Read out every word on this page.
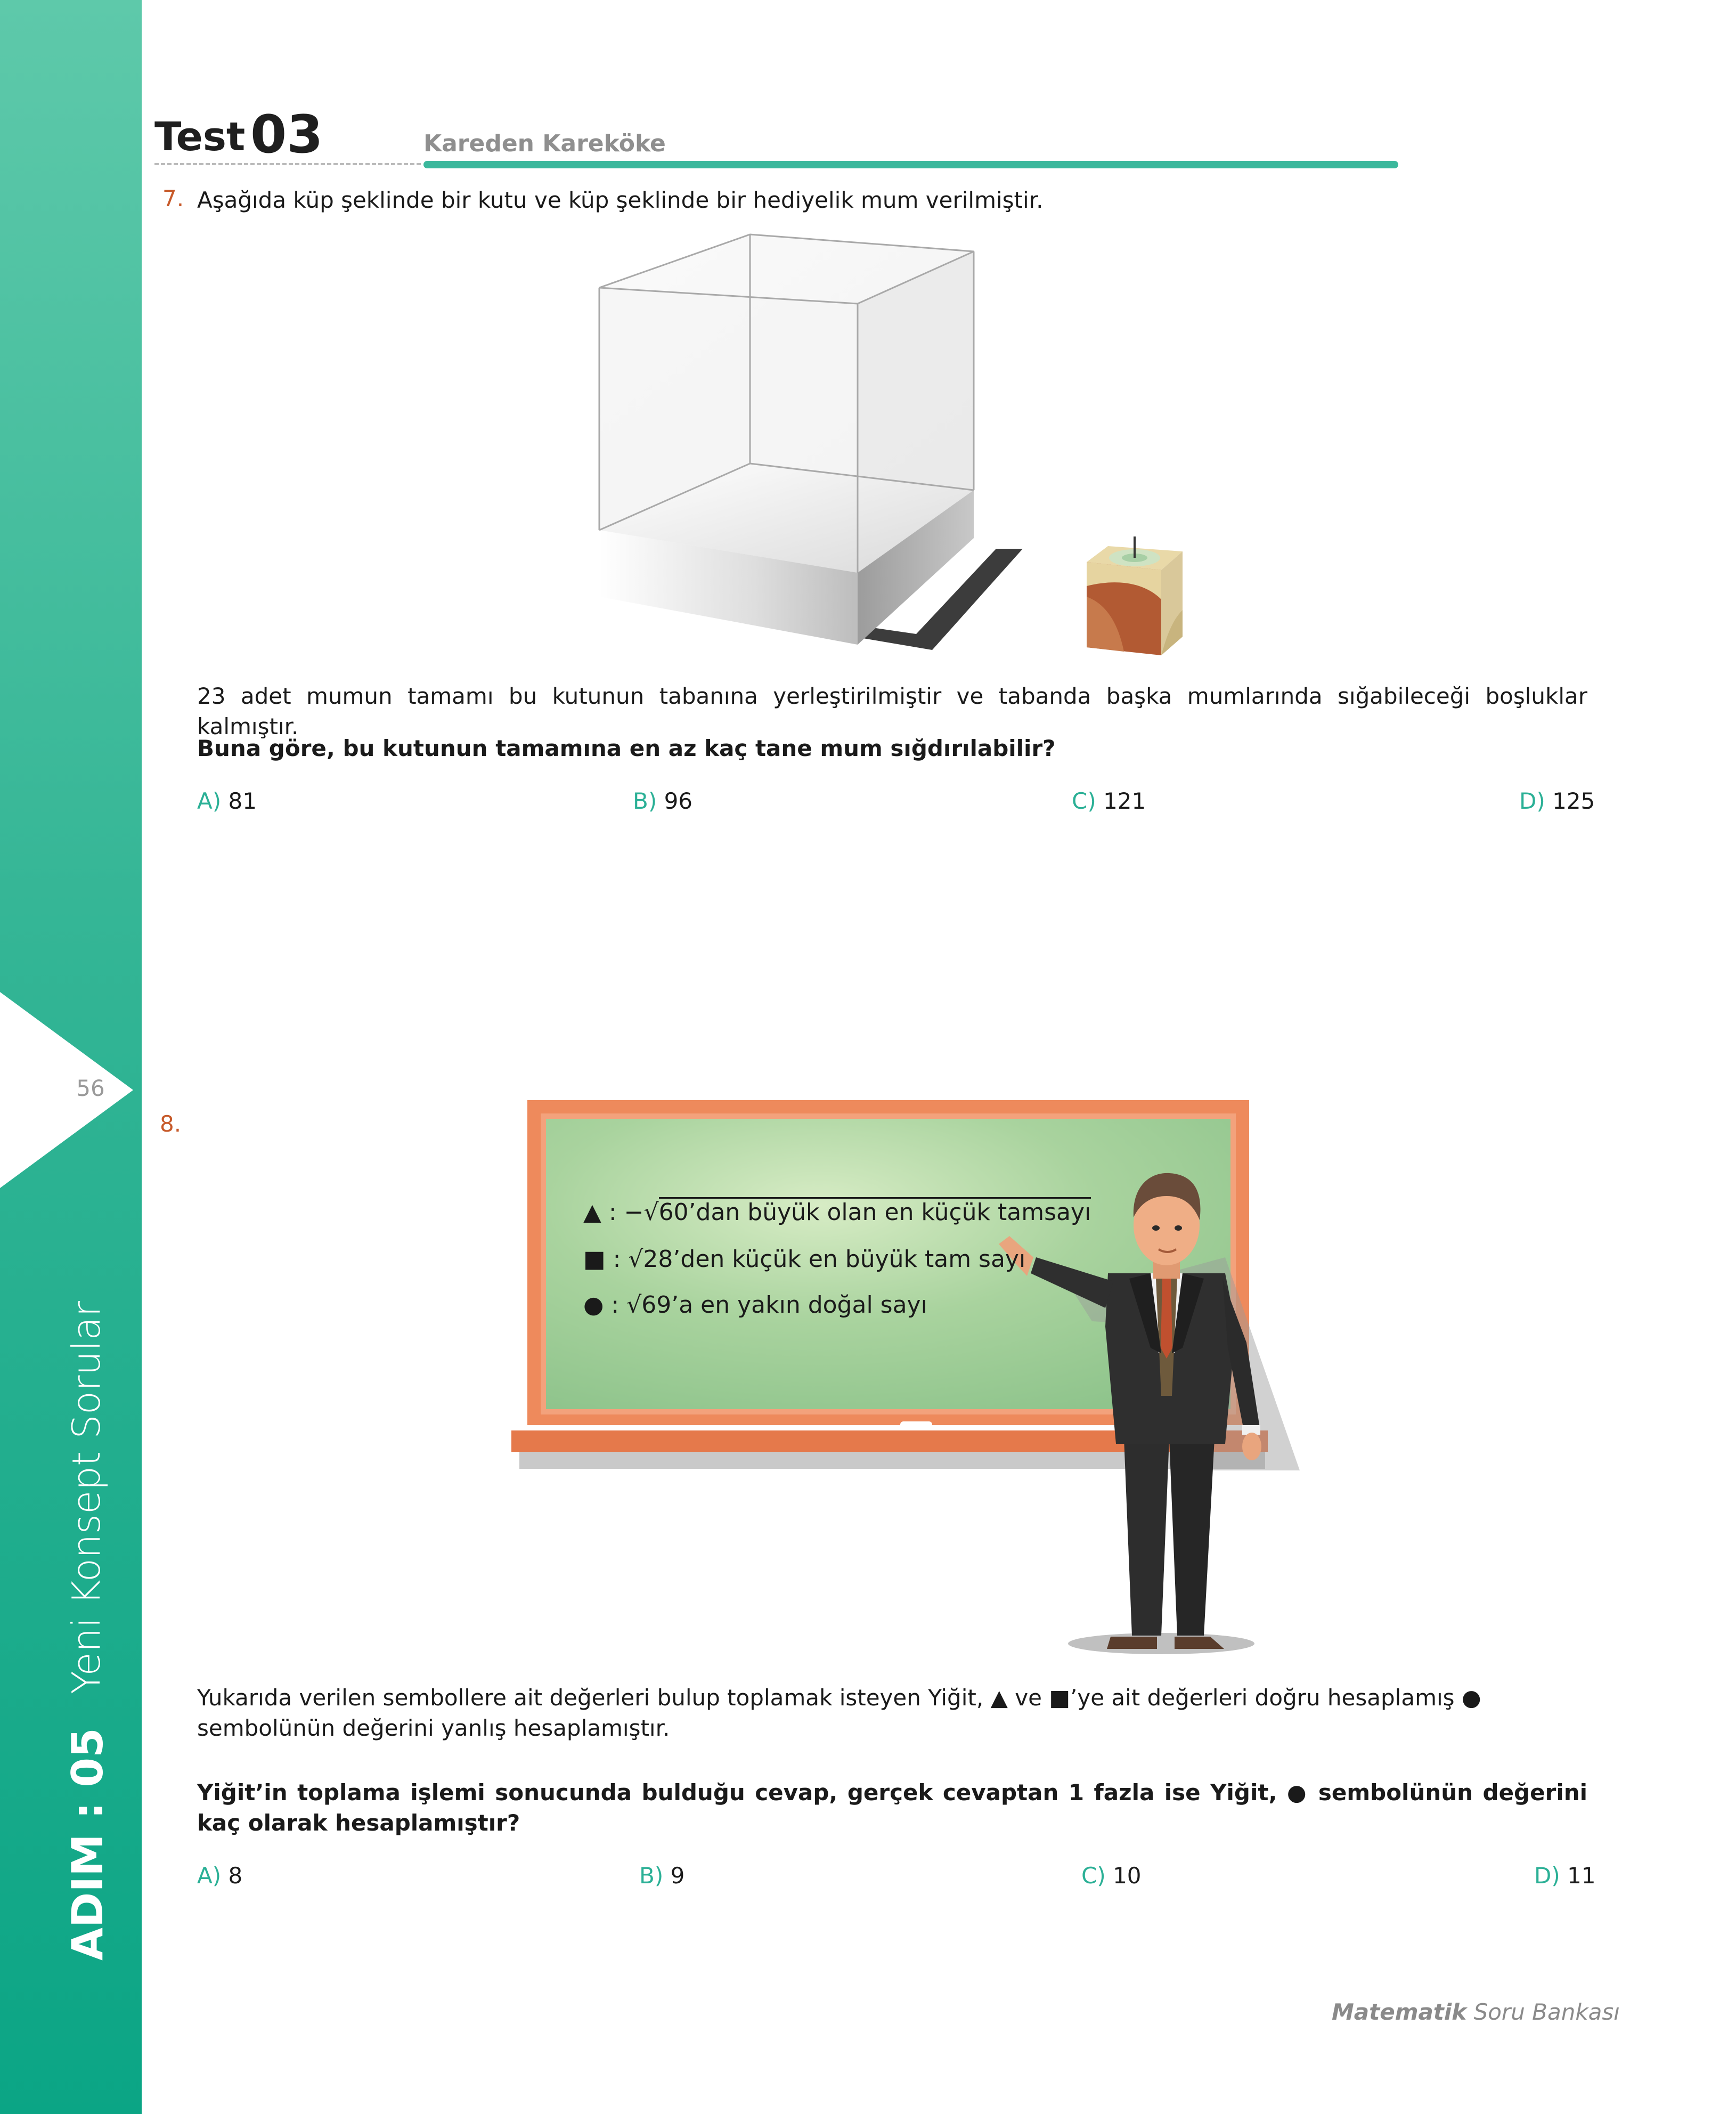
56
Yeni Konsept Sorular
ADIM : 05
Test 03	Kareden Kareköke
7. Aşağıda küp şeklinde bir kutu ve küp şeklinde bir hediyelik mum verilmiştir.
23 adet mumun tamamı bu kutunun tabanına yerleştirilmiştir ve tabanda başka mumlarında sığabileceği boşluklar kalmıştır.
Buna göre, bu kutunun tamamına en az kaç tane mum sığdırılabilir?
A) 81	B) 96	C) 121	D) 125
8.
▲ : −√60’dan büyük olan en küçük tamsayı
■ : √28’den küçük en büyük tam sayı
● : √69’a en yakın doğal sayı
Yukarıda verilen sembollere ait değerleri bulup toplamak isteyen Yiğit, ▲ ve ■’ye ait değerleri doğru hesaplamış ● sembolünün değerini yanlış hesaplamıştır.
Yiğit’in toplama işlemi sonucunda bulduğu cevap, gerçek cevaptan 1 fazla ise Yiğit, ● sembolünün değerini kaç olarak hesaplamıştır?
A) 8	B) 9	C) 10	D) 11
Matematik Soru Bankası
